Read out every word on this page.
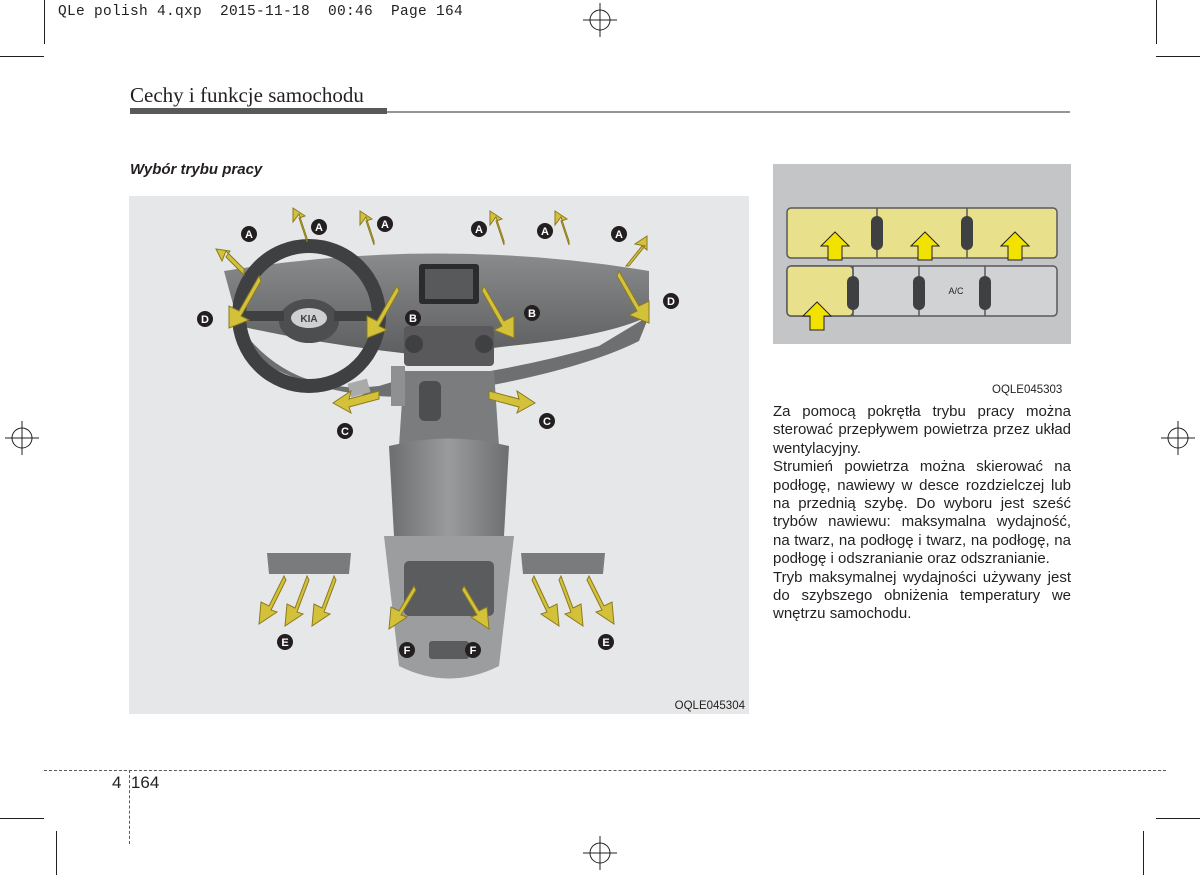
QLe polish 4.qxp  2015-11-18  00:46  Page 164
Cechy i funkcje samochodu
Wybór trybu pracy
KIA
A
A	A	A	A	A
B	B
C
C
D
D
E	E
F	F
OQLE045304
A/C
OQLE045303

Za pomocą pokrętła trybu pracy można sterować przepływem powietrza przez układ wentylacyjny.

Strumień powietrza można skierować na podłogę, nawiewy w desce rozdzielczej lub na przednią szybę. Do wyboru jest sześć trybów nawiewu: maksymalna wydajność, na twarz, na podłogę i twarz, na podłogę, na podłogę i odszranianie oraz odszranianie.

Tryb maksymalnej wydajności używany jest do szybszego obniżenia temperatury we wnętrzu samochodu.

4 164
